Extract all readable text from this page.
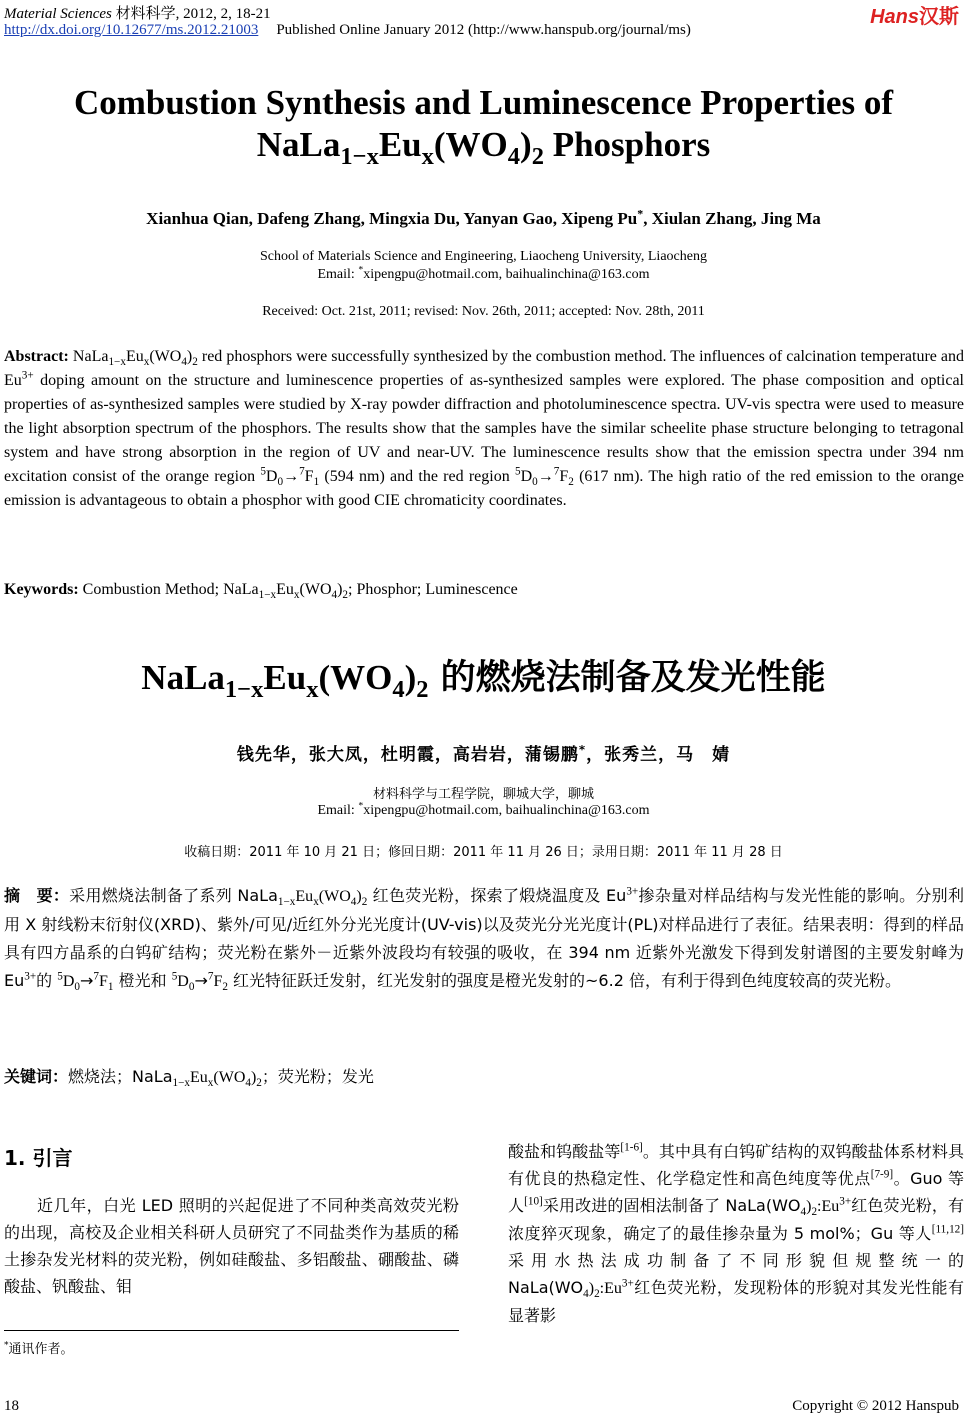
Material Sciences 材料科学, 2012, 2, 18-21
http://dx.doi.org/10.12677/ms.2012.21003 Published Online January 2012 (http://www.hanspub.org/journal/ms)
Hans汉斯
Combustion Synthesis and Luminescence Properties of
$NaLa_{1-x}Eu_x(WO_4)_2$ Phosphors
Xianhua Qian, Dafeng Zhang, Mingxia Du, Yanyan Gao, Xipeng Pu*, Xiulan Zhang, Jing Ma
School of Materials Science and Engineering, Liaocheng University, Liaocheng
Email: *xipengpu@hotmail.com, baihualinchina@163.com
Received: Oct. 21st, 2011; revised: Nov. 26th, 2011; accepted: Nov. 28th, 2011
Abstract: $NaLa_{1-x}Eu_x(WO_4)_2$ red phosphors were successfully synthesized by the combustion method. The influences of calcination temperature and $Eu^{3+}$ doping amount on the structure and luminescence properties of as-synthesized samples were explored. The phase composition and optical properties of as-synthesized samples were studied by X-ray powder diffraction and photoluminescence spectra. UV-vis spectra were used to measure the light absorption spectrum of the phosphors. The results show that the samples have the similar scheelite phase structure belonging to tetragonal system and have strong absorption in the region of UV and near-UV. The luminescence results show that the emission spectra under 394 nm excitation consist of the orange region $^5D_0\to^7F_1$ (594 nm) and the red region $^5D_0\to^7F_2$ (617 nm). The high ratio of the red emission to the orange emission is advantageous to obtain a phosphor with good CIE chromaticity coordinates.
Keywords: Combustion Method; $NaLa_{1-x}Eu_x(WO_4)_2$; Phosphor; Luminescence
$NaLa_{1-x}Eu_x(WO_4)_2$ 的燃烧法制备及发光性能
钱先华，张大凤，杜明霞，高岩岩，蒲锡鹏*，张秀兰，马　婧
材料科学与工程学院，聊城大学，聊城
Email: *xipengpu@hotmail.com, baihualinchina@163.com
收稿日期：2011 年 10 月 21 日；修回日期：2011 年 11 月 26 日；录用日期：2011 年 11 月 28 日
摘　要：采用燃烧法制备了系列 $NaLa_{1-x}Eu_x(WO_4)_2$ 红色荧光粉，探索了煅烧温度及 $Eu^{3+}$掺杂量对样品结构与发光性能的影响。分别利用 X 射线粉末衍射仪(XRD)、紫外/可见/近红外分光光度计(UV-vis)以及荧光分光光度计(PL)对样品进行了表征。结果表明：得到的样品具有四方晶系的白钨矿结构；荧光粉在紫外－近紫外波段均有较强的吸收，在 394 nm 近紫外光激发下得到发射谱图的主要发射峰为 $Eu^{3+}$的 $^5D_0\to^7F_1$ 橙光和 $^5D_0\to^7F_2$ 红光特征跃迁发射，红光发射的强度是橙光发射的~6.2 倍，有利于得到色纯度较高的荧光粉。
关键词：燃烧法；$NaLa_{1-x}Eu_x(WO_4)_2$；荧光粉；发光
1. 引言
　　近几年，白光 LED 照明的兴起促进了不同种类高效荧光粉的出现，高校及企业相关科研人员研究了不同盐类作为基质的稀土掺杂发光材料的荧光粉，例如硅酸盐、多铝酸盐、硼酸盐、磷酸盐、钒酸盐、钼
酸盐和钨酸盐等[1-6]。其中具有白钨矿结构的双钨酸盐体系材料具有优良的热稳定性、化学稳定性和高色纯度等优点[7-9]。Guo 等人[10]采用改进的固相法制备了 $NaLa(WO_4)_2:Eu^{3+}$红色荧光粉，有浓度猝灭现象，确定了的最佳掺杂量为 5 mol%；Gu 等人[11,12]采用水热法成功制备了不同形貌但规整统一的 $NaLa(WO_4)_2:Eu^{3+}$红色荧光粉，发现粉体的形貌对其发光性能有显著影
*通讯作者。
18	Copyright © 2012 Hanspub
